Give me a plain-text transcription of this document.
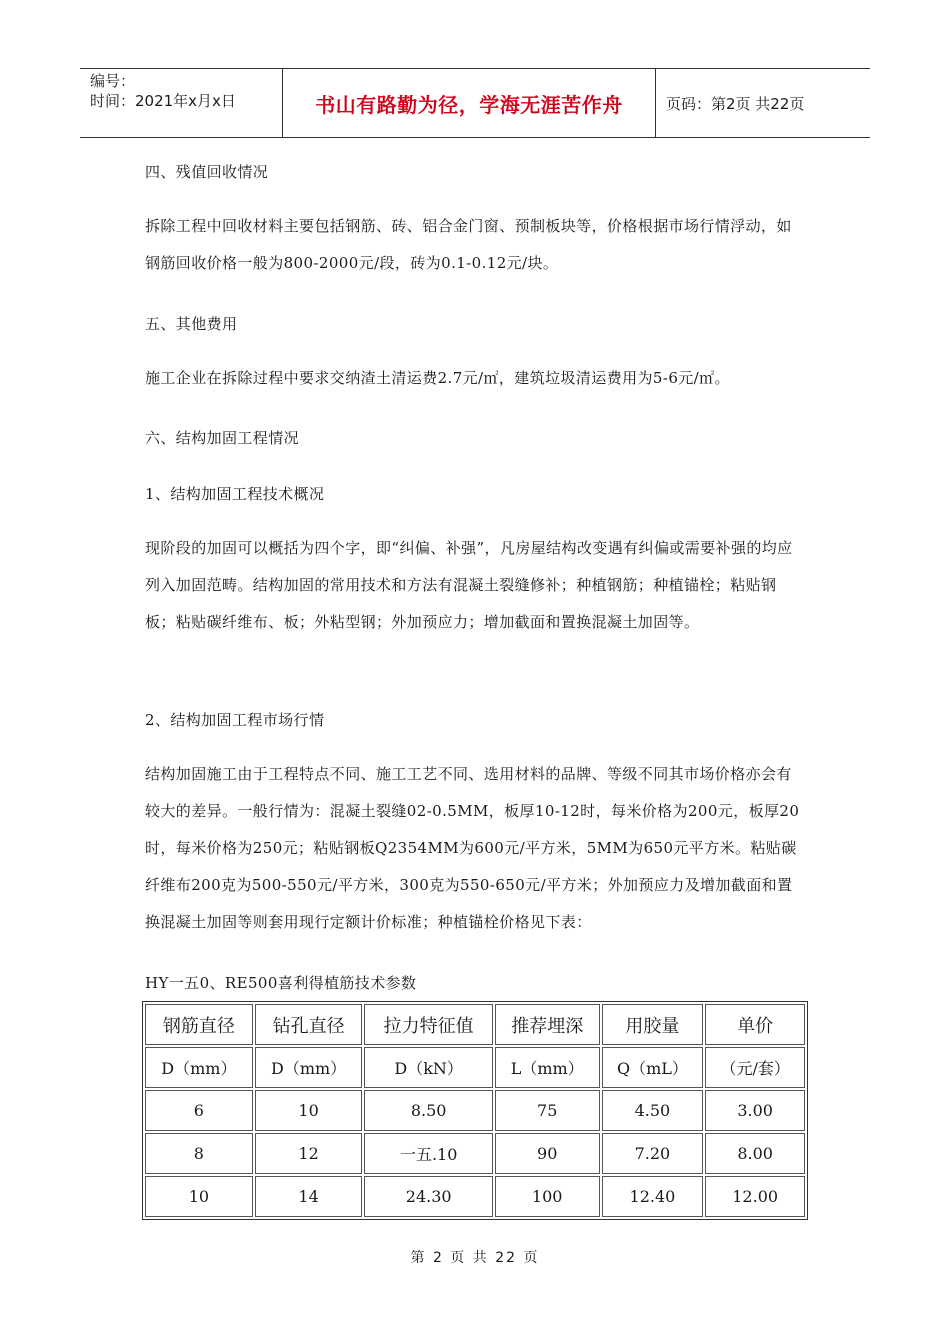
编号：
时间：2021年x月x日	书山有路勤为径，学海无涯苦作舟	页码：第2页 共22页
四、残值回收情况
拆除工程中回收材料主要包括钢筋、砖、铝合金门窗、预制板块等，价格根据市场行情浮动，如钢筋回收价格一般为800-2000元/段，砖为0.1-0.12元/块。
五、其他费用
施工企业在拆除过程中要求交纳渣土清运费2.7元/㎡，建筑垃圾清运费用为5-6元/㎡。
六、结构加固工程情况
1、结构加固工程技术概况
现阶段的加固可以概括为四个字，即“纠偏、补强”，凡房屋结构改变遇有纠偏或需要补强的均应列入加固范畴。结构加固的常用技术和方法有混凝土裂缝修补；种植钢筋；种植锚栓；粘贴钢板；粘贴碳纤维布、板；外粘型钢；外加预应力；增加截面和置换混凝土加固等。
2、结构加固工程市场行情
结构加固施工由于工程特点不同、施工工艺不同、选用材料的品牌、等级不同其市场价格亦会有较大的差异。一般行情为：混凝土裂缝02-0.5MM，板厚10-12时，每米价格为200元，板厚20时，每米价格为250元；粘贴钢板Q2354MM为600元/平方米，5MM为650元平方米。粘贴碳纤维布200克为500-550元/平方米，300克为550-650元/平方米；外加预应力及增加截面和置换混凝土加固等则套用现行定额计价标准；种植锚栓价格见下表：
HY一五0、RE500喜利得植筋技术参数
钢筋直径	钻孔直径	拉力特征值	推荐埋深	用胶量	单价
D（mm）	D（mm）	D（kN）	L（mm）	Q（mL）	（元/套）
6	10	8.50	75	4.50	3.00
8	12	一五.10	90	7.20	8.00
10	14	24.30	100	12.40	12.00
第 2 页 共 22 页
